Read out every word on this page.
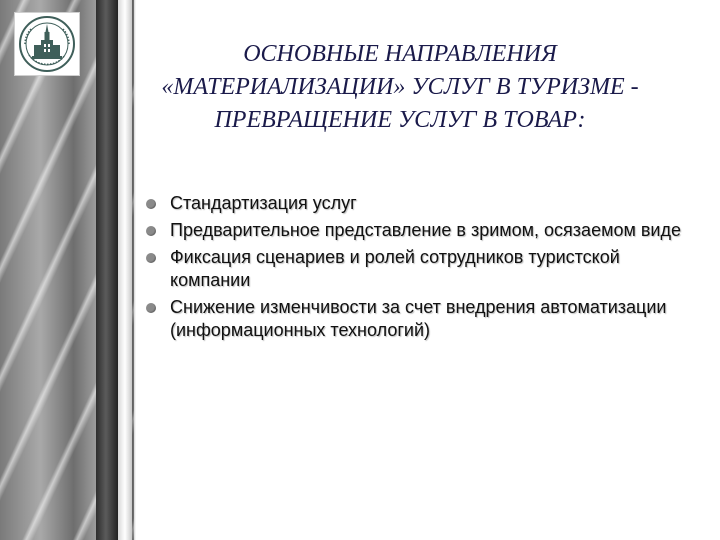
ОСНОВНЫЕ НАПРАВЛЕНИЯ «МАТЕРИАЛИЗАЦИИ» УСЛУГ В ТУРИЗМЕ - ПРЕВРАЩЕНИЕ УСЛУГ В ТОВАР:
Стандартизация услуг
Предварительное представление в зримом, осязаемом виде
Фиксация сценариев и ролей сотрудников туристской компании
Снижение изменчивости за счет внедрения автоматизации (информационных технологий)
